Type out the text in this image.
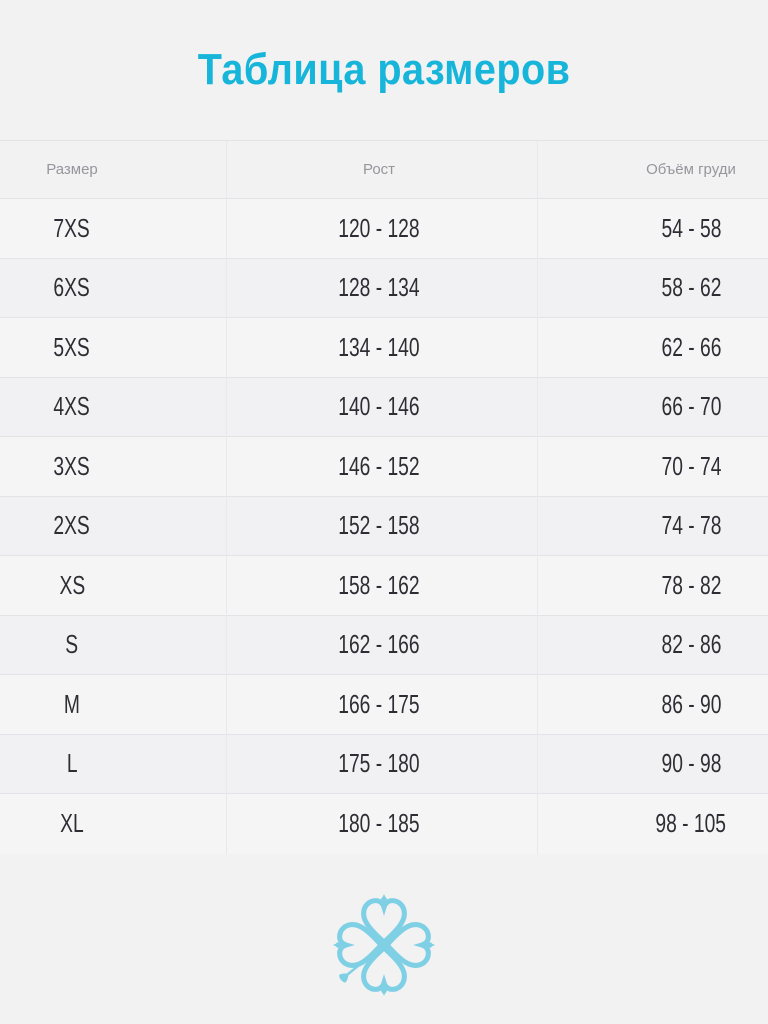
Таблица размеров
Размер	Рост	Объём груди
7XS	120 - 128	54 - 58
6XS	128 - 134	58 - 62
5XS	134 - 140	62 - 66
4XS	140 - 146	66 - 70
3XS	146 - 152	70 - 74
2XS	152 - 158	74 - 78
XS	158 - 162	78 - 82
S	162 - 166	82 - 86
M	166 - 175	86 - 90
L	175 - 180	90 - 98
XL	180 - 185	98 - 105
